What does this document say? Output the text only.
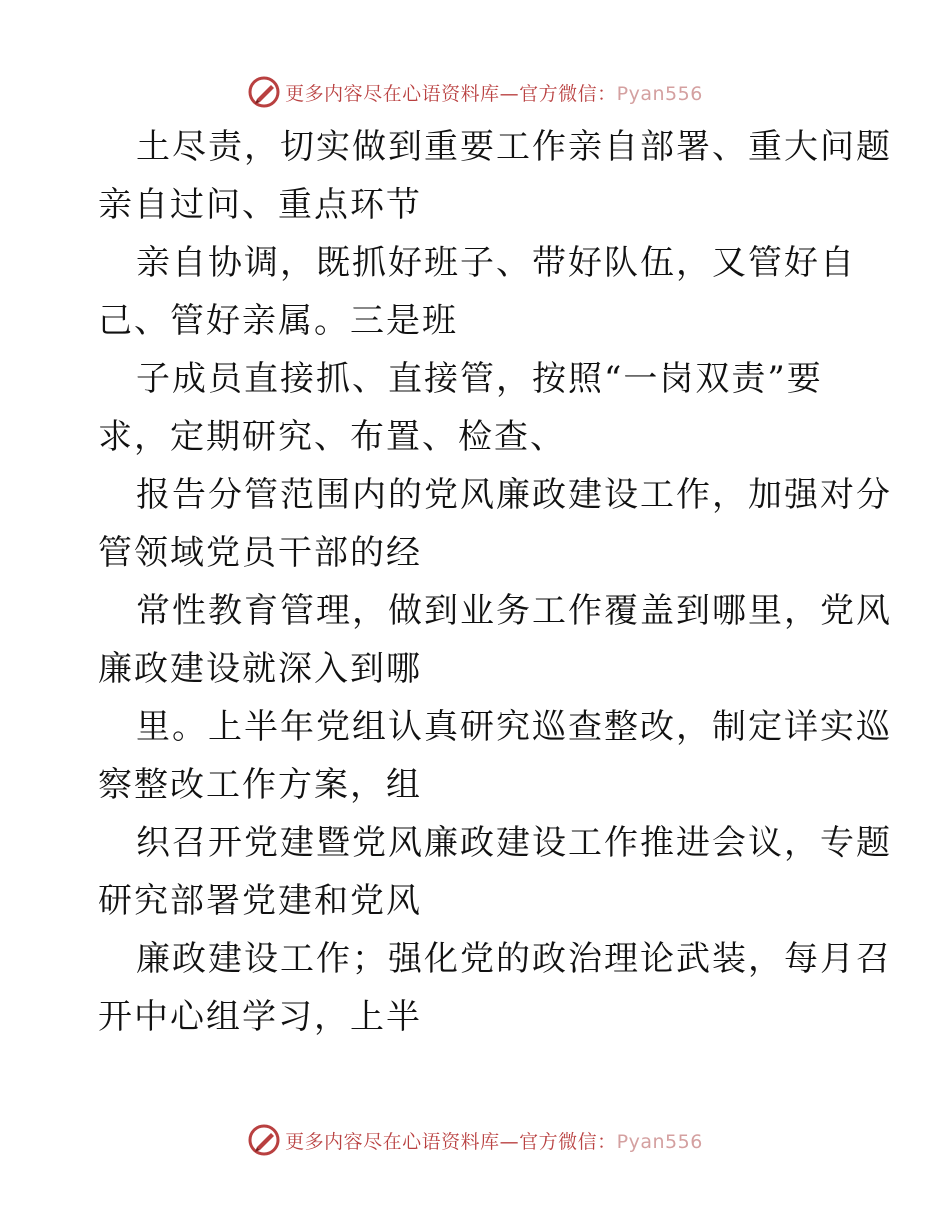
更多内容尽在心语资料库—官方微信：Pyan556
土尽责，切实做到重要工作亲自部署、重大问题
亲自过问、重点环节
亲自协调，既抓好班子、带好队伍，又管好自
己、管好亲属。三是班
子成员直接抓、直接管，按照“一岗双责”要
求，定期研究、布置、检查、
报告分管范围内的党风廉政建设工作，加强对分
管领域党员干部的经
常性教育管理，做到业务工作覆盖到哪里，党风
廉政建设就深入到哪
里。上半年党组认真研究巡查整改，制定详实巡
察整改工作方案，组
织召开党建暨党风廉政建设工作推进会议，专题
研究部署党建和党风
廉政建设工作；强化党的政治理论武装，每月召
开中心组学习，上半
更多内容尽在心语资料库—官方微信：Pyan556
